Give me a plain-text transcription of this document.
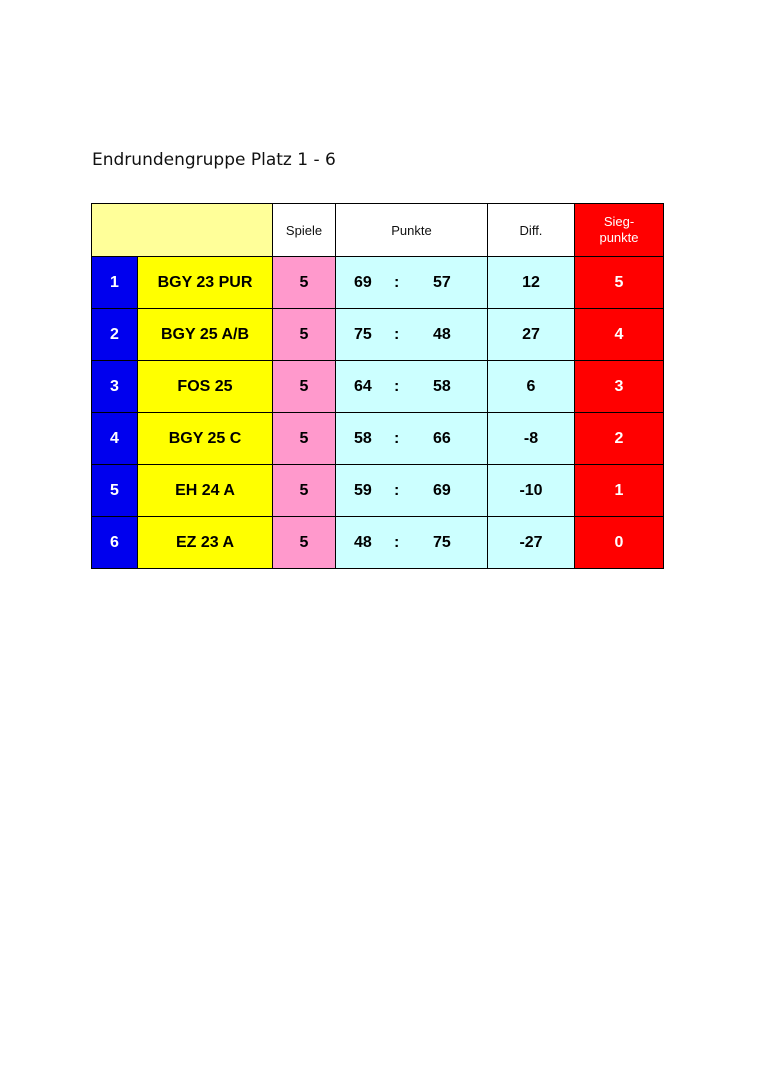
Endrundengruppe Platz 1 - 6
		Spiele	Punkte	Diff.	Sieg-
punkte
1	BGY 23 PUR	5	69 : 57	12	5
2	BGY 25 A/B	5	75 : 48	27	4
3	FOS 25	5	64 : 58	6	3
4	BGY 25 C	5	58 : 66	-8	2
5	EH 24 A	5	59 : 69	-10	1
6	EZ 23 A	5	48 : 75	-27	0
